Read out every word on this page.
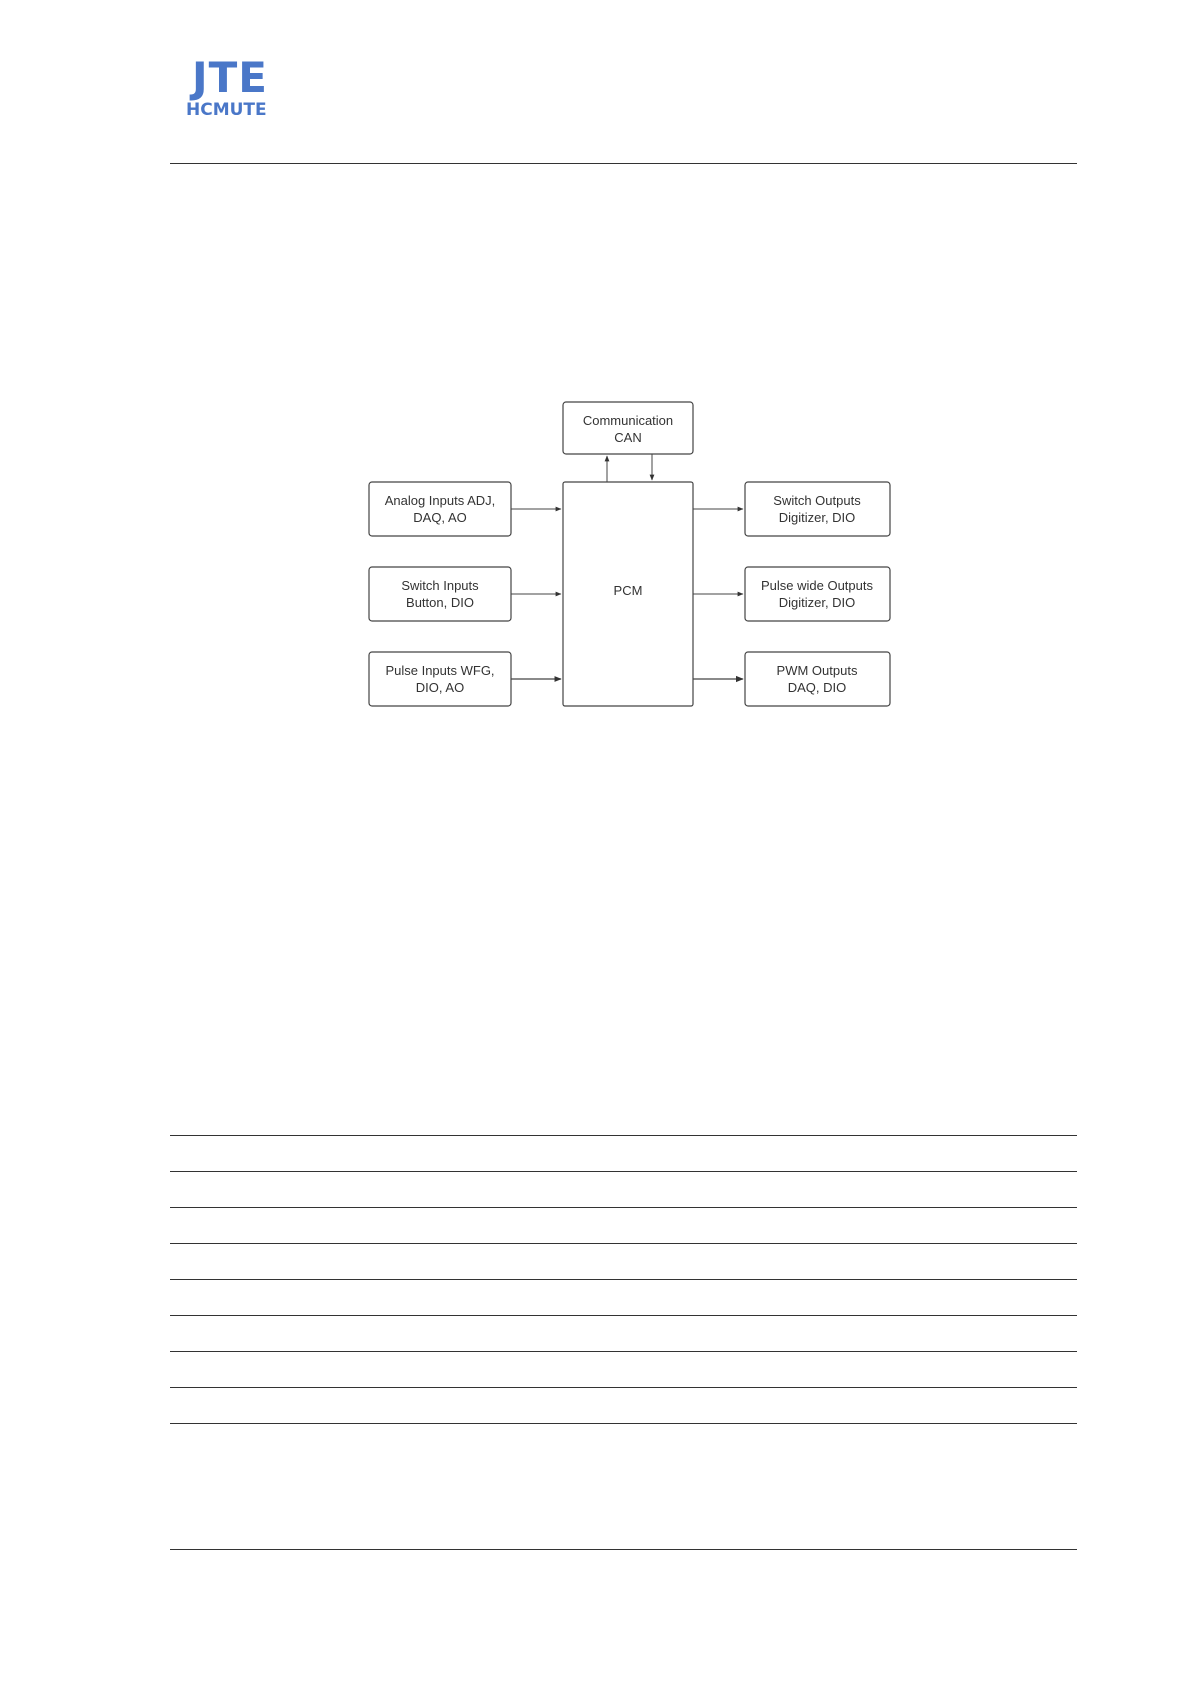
JTE
HCMUTE
Communication
CAN
PCM
Analog Inputs ADJ,
DAQ, AO
Switch Inputs
Button, DIO
Pulse Inputs WFG,
DIO, AO
Switch Outputs
Digitizer, DIO
Pulse wide Outputs
Digitizer, DIO
PWM Outputs
DAQ, DIO
